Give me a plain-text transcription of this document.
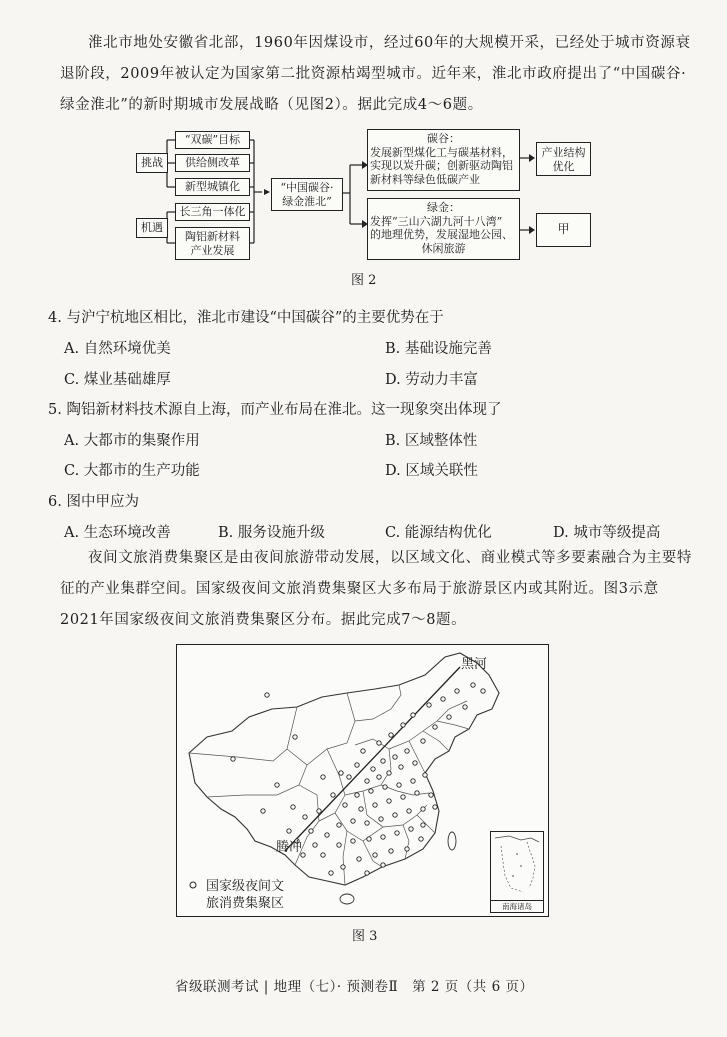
淮北市地处安徽省北部，1960年因煤设市，经过60年的大规模开采，已经处于城市资源衰
退阶段，2009年被认定为国家第二批资源枯竭型城市。近年来，淮北市政府提出了“中国碳谷·
绿金淮北”的新时期城市发展战略（见图2）。据此完成4～6题。
挑战
机遇
“双碳”目标
供给侧改革
新型城镇化
长三角一体化
陶铝新材料
产业发展
“中国碳谷·
绿金淮北”
碳谷：
发展新型煤化工与碳基材料，
实现以炭升碳；创新驱动陶铝
新材料等绿色低碳产业
绿金：
发挥“三山六湖九河十八湾”
的地理优势，发展湿地公园、
休闲旅游
产业结构
优化
甲
图 2
4. 与沪宁杭地区相比，淮北市建设“中国碳谷”的主要优势在于
A. 自然环境优美	B. 基础设施完善
C. 煤业基础雄厚	D. 劳动力丰富
5. 陶铝新材料技术源自上海，而产业布局在淮北。这一现象突出体现了
A. 大都市的集聚作用	B. 区域整体性
C. 大都市的生产功能	D. 区域关联性
6. 图中甲应为
A. 生态环境改善	B. 服务设施升级	C. 能源结构优化	D. 城市等级提高
夜间文旅消费集聚区是由夜间旅游带动发展，以区域文化、商业模式等多要素融合为主要特
征的产业集群空间。国家级夜间文旅消费集聚区大多布局于旅游景区内或其附近。图3示意
2021年国家级夜间文旅消费集聚区分布。据此完成7～8题。
黑河
腾冲
国家级夜间文
旅消费集聚区	南海诸岛
图 3
省级联测考试 | 地理（七）· 预测卷Ⅱ　第 2 页（共 6 页）
